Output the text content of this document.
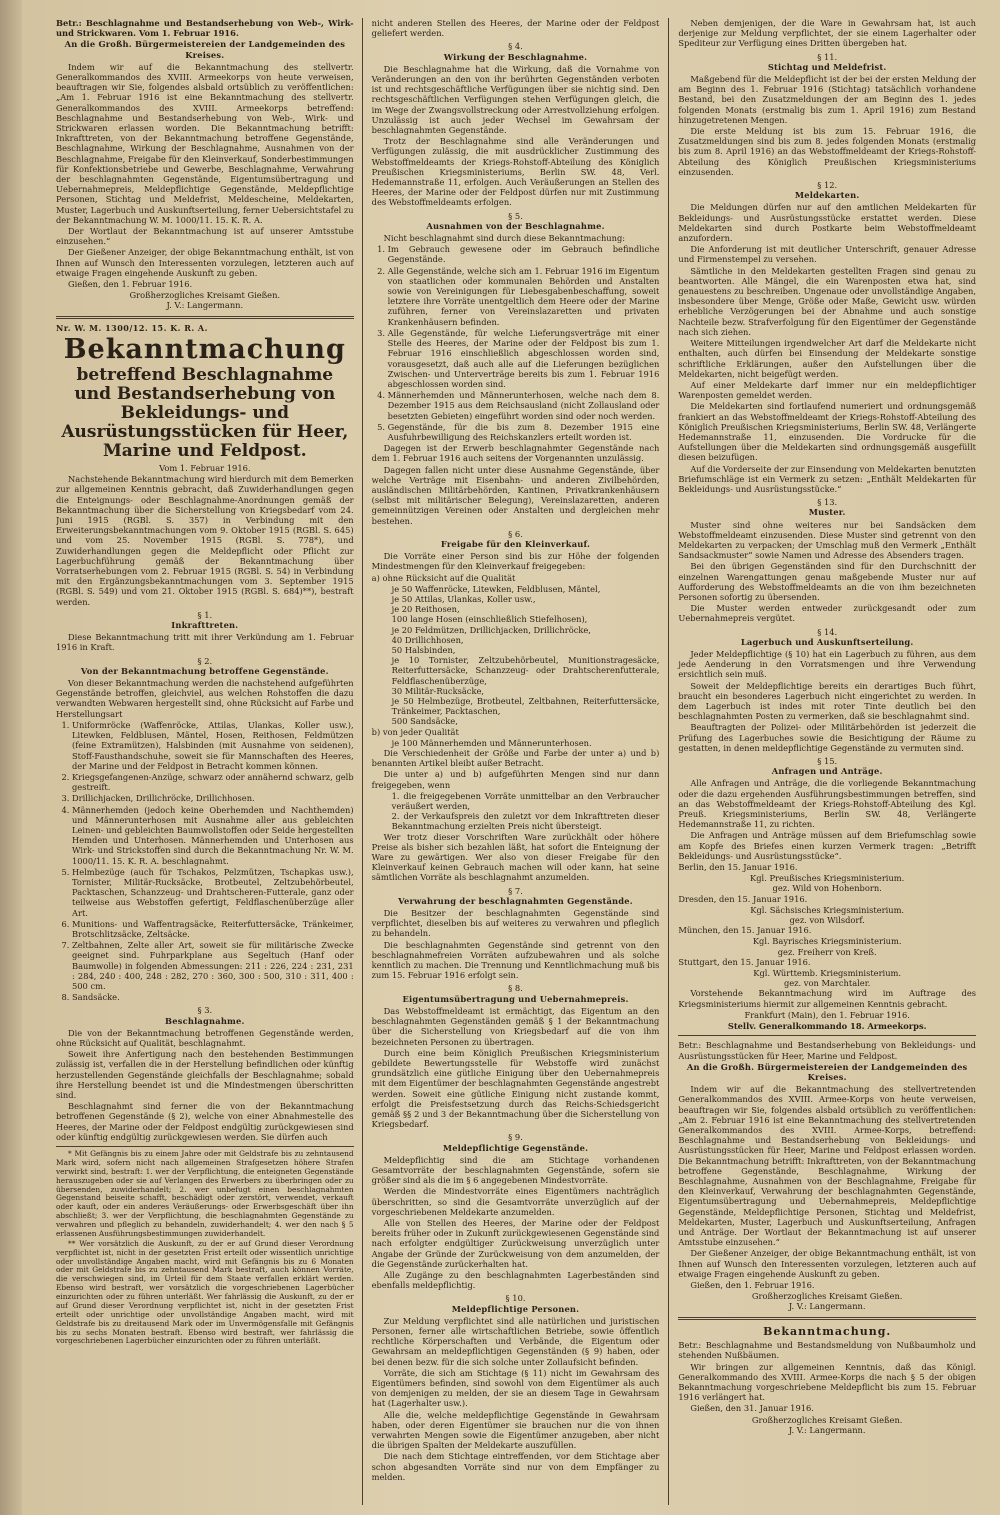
Betr.: Beschlagnahme und Bestandserhebung von Web-, Wirk- und Strickwaren. Vom 1. Februar 1916.

An die Großh. Bürgermeistereien der Landgemeinden des Kreises.

Indem wir auf die Bekanntmachung des stellvertr. Generalkommandos des XVIII. Armeekorps von heute verweisen, beauftragen wir Sie, folgendes alsbald ortsüblich zu veröffentlichen: „Am 1. Februar 1916 ist eine Bekanntmachung des stellvertr. Generalkommandos des XVIII. Armeekorps betreffend: Beschlagnahme und Bestandserhebung von Web-, Wirk- und Strickwaren erlassen worden. Die Bekanntmachung betrifft: Inkrafttreten, von der Bekanntmachung betroffene Gegenstände, Beschlagnahme, Wirkung der Beschlagnahme, Ausnahmen von der Beschlagnahme, Freigabe für den Kleinverkauf, Sonderbestimmungen für Konfektionsbetriebe und Gewerbe, Beschlagnahme, Verwahrung der beschlagnahmten Gegenstände, Eigentumsübertragung und Uebernahmepreis, Meldepflichtige Gegenstände, Meldepflichtige Personen, Stichtag und Meldefrist, Meldescheine, Meldekarten, Muster, Lagerbuch und Auskunftserteilung, ferner Uebersichtstafel zu der Bekanntmachung W. M. 1000/11. 15. K. R. A.

Der Wortlaut der Bekanntmachung ist auf unserer Amtsstube einzusehen.“

Der Gießener Anzeiger, der obige Bekanntmachung enthält, ist von Ihnen auf Wunsch den Interessenten vorzulegen, letzteren auch auf etwaige Fragen eingehende Auskunft zu geben.

Gießen, den 1. Februar 1916.

Großherzogliches Kreisamt Gießen.

J. V.: Langermann.

Nr. W. M. 1300/12. 15. K. R. A.

Bekanntmachung

betreffend Beschlagnahme und Bestandserhebung von Bekleidungs- und Ausrüstungsstücken für Heer, Marine und Feldpost.

Vom 1. Februar 1916.

Nachstehende Bekanntmachung wird hierdurch mit dem Bemerken zur allgemeinen Kenntnis gebracht, daß Zuwiderhandlungen gegen die Enteignungs- oder Beschlagnahme-Anordnungen gemäß der Bekanntmachung über die Sicherstellung von Kriegsbedarf vom 24. Juni 1915 (RGBl. S. 357) in Verbindung mit den Erweiterungsbekanntmachungen vom 9. Oktober 1915 (RGBl. S. 645) und vom 25. November 1915 (RGBl. S. 778*), und Zuwiderhandlungen gegen die Meldepflicht oder Pflicht zur Lagerbuchführung gemäß der Bekanntmachung über Vorratserhebungen vom 2. Februar 1915 (RGBl. S. 54) in Verbindung mit den Ergänzungsbekanntmachungen vom 3. September 1915 (RGBl. S. 549) und vom 21. Oktober 1915 (RGBl. S. 684)**), bestraft werden.

§ 1.

Inkrafttreten.

Diese Bekanntmachung tritt mit ihrer Verkündung am 1. Februar 1916 in Kraft.

§ 2.

Von der Bekanntmachung betroffene Gegenstände.

Von dieser Bekanntmachung werden die nachstehend aufgeführten Gegenstände betroffen, gleichviel, aus welchen Rohstoffen die dazu verwandten Webwaren hergestellt sind, ohne Rücksicht auf Farbe und Herstellungsart

1. Uniformröcke (Waffenröcke, Attilas, Ulankas, Koller usw.), Litewken, Feldblusen, Mäntel, Hosen, Reithosen, Feldmützen (feine Extramützen), Halsbinden (mit Ausnahme von seidenen), Stoff-Fausthandschuhe, soweit sie für Mannschaften des Heeres, der Marine und der Feldpost in Betracht kommen können.
2. Kriegsgefangenen-Anzüge, schwarz oder annähernd schwarz, gelb gestreift.
3. Drillichjacken, Drillichröcke, Drillichhosen.
4. Männerhemden (jedoch keine Oberhemden und Nachthemden) und Männerunterhosen mit Ausnahme aller aus gebleichten Leinen- und gebleichten Baumwollstoffen oder Seide hergestellten Hemden und Unterhosen. Männerhemden und Unterhosen aus Wirk- und Strickstoffen sind durch die Bekanntmachung Nr. W. M. 1000/11. 15. K. R. A. beschlagnahmt.
5. Helmbezüge (auch für Tschakos, Pelzmützen, Tschapkas usw.), Tornister, Militär-Rucksäcke, Brotbeutel, Zeltzubehörbeutel, Packtaschen, Schanzzeug- und Drahtscheren-Futterale, ganz oder teilweise aus Webstoffen gefertigt, Feldflaschenüberzüge aller Art.
6. Munitions- und Waffentragsäcke, Reiterfuttersäcke, Tränkeimer, Brotschlitzsäcke, Zeltsäcke.
7. Zeltbahnen, Zelte aller Art, soweit sie für militärische Zwecke geeignet sind. Fuhrparkplane aus Segeltuch (Hanf oder Baumwolle) in folgenden Abmessungen: 211 : 226, 224 : 231, 231 : 284, 240 : 400, 248 : 282, 270 : 360, 300 : 500, 310 : 311, 400 : 500 cm.
8. Sandsäcke.

§ 3.

Beschlagnahme.

Die von der Bekanntmachung betroffenen Gegenstände werden, ohne Rücksicht auf Qualität, beschlagnahmt.

Soweit ihre Anfertigung nach den bestehenden Bestimmungen zulässig ist, verfallen die in der Herstellung befindlichen oder künftig herzustellenden Gegenstände gleichfalls der Beschlagnahme; sobald ihre Herstellung beendet ist und die Mindestmengen überschritten sind.

Beschlagnahmt sind ferner die von der Bekanntmachung betroffenen Gegenstände (§ 2), welche von einer Abnahmestelle des Heeres, der Marine oder der Feldpost endgültig zurückgewiesen sind oder künftig endgültig zurückgewiesen werden. Sie dürfen auch

* Mit Gefängnis bis zu einem Jahre oder mit Geldstrafe bis zu zehntausend Mark wird, sofern nicht nach allgemeinen Strafgesetzen höhere Strafen verwirkt sind, bestraft: 1. wer der Verpflichtung, die enteigneten Gegenstände herauszugeben oder sie auf Verlangen des Erwerbers zu überbringen oder zu übersenden, zuwiderhandelt; 2. wer unbefugt einen beschlagnahmten Gegenstand beiseite schafft, beschädigt oder zerstört, verwendet, verkauft oder kauft, oder ein anderes Veräußerungs- oder Erwerbsgeschäft über ihn abschließt; 3. wer der Verpflichtung, die beschlagnahmten Gegenstände zu verwahren und pfleglich zu behandeln, zuwiderhandelt; 4. wer den nach § 5 erlassenen Ausführungsbestimmungen zuwiderhandelt.

** Wer vorsätzlich die Auskunft, zu der er auf Grund dieser Verordnung verpflichtet ist, nicht in der gesetzten Frist erteilt oder wissentlich unrichtige oder unvollständige Angaben macht, wird mit Gefängnis bis zu 6 Monaten oder mit Geldstrafe bis zu zehntausend Mark bestraft, auch können Vorräte, die verschwiegen sind, im Urteil für dem Staate verfallen erklärt werden. Ebenso wird bestraft, wer vorsätzlich die vorgeschriebenen Lagerbücher einzurichten oder zu führen unterläßt. Wer fahrlässig die Auskunft, zu der er auf Grund dieser Verordnung verpflichtet ist, nicht in der gesetzten Frist erteilt oder unrichtige oder unvollständige Angaben macht, wird mit Geldstrafe bis zu dreitausend Mark oder im Unvermögensfalle mit Gefängnis bis zu sechs Monaten bestraft. Ebenso wird bestraft, wer fahrlässig die vorgeschriebenen Lagerbücher einzurichten oder zu führen unterläßt.

nicht anderen Stellen des Heeres, der Marine oder der Feldpost geliefert werden.

§ 4.

Wirkung der Beschlagnahme.

Die Beschlagnahme hat die Wirkung, daß die Vornahme von Veränderungen an den von ihr berührten Gegenständen verboten ist und rechtsgeschäftliche Verfügungen über sie nichtig sind. Den rechtsgeschäftlichen Verfügungen stehen Verfügungen gleich, die im Wege der Zwangsvollstreckung oder Arrestvollziehung erfolgen. Unzulässig ist auch jeder Wechsel im Gewahrsam der beschlagnahmten Gegenstände.

Trotz der Beschlagnahme sind alle Veränderungen und Verfügungen zulässig, die mit ausdrücklicher Zustimmung des Webstoffmeldeamts der Kriegs-Rohstoff-Abteilung des Königlich Preußischen Kriegsministeriums, Berlin SW. 48, Verl. Hedemannstraße 11, erfolgen. Auch Veräußerungen an Stellen des Heeres, der Marine oder der Feldpost dürfen nur mit Zustimmung des Webstoffmeldeamts erfolgen.

§ 5.

Ausnahmen von der Beschlagnahme.

Nicht beschlagnahmt sind durch diese Bekanntmachung:

1. Im Gebrauch gewesene oder im Gebrauch befindliche Gegenstände.
2. Alle Gegenstände, welche sich am 1. Februar 1916 im Eigentum von staatlichen oder kommunalen Behörden und Anstalten sowie von Vereinigungen für Liebesgabenbeschaffung, soweit letztere ihre Vorräte unentgeltlich dem Heere oder der Marine zuführen, ferner von Vereinslazaretten und privaten Krankenhäusern befinden.
3. Alle Gegenstände, für welche Lieferungsverträge mit einer Stelle des Heeres, der Marine oder der Feldpost bis zum 1. Februar 1916 einschließlich abgeschlossen worden sind, vorausgesetzt, daß auch alle auf die Lieferungen bezüglichen Zwischen- und Unterverträge bereits bis zum 1. Februar 1916 abgeschlossen worden sind.
4. Männerhemden und Männerunterhosen, welche nach dem 8. Dezember 1915 aus dem Reichsausland (nicht Zollausland oder besetzten Gebieten) eingeführt worden sind oder noch werden.
5. Gegenstände, für die bis zum 8. Dezember 1915 eine Ausfuhrbewilligung des Reichskanzlers erteilt worden ist.

Dagegen ist der Erwerb beschlagnahmter Gegenstände nach dem 1. Februar 1916 auch seitens der Vorgenannten unzulässig.

Dagegen fallen nicht unter diese Ausnahme Gegenstände, über welche Verträge mit Eisenbahn- und anderen Zivilbehörden, ausländischen Militärbehörden, Kantinen, Privatkrankenhäusern (selbst mit militärischer Belegung), Vereinslazaretten, anderen gemeinnützigen Vereinen oder Anstalten und dergleichen mehr bestehen.

§ 6.

Freigabe für den Kleinverkauf.

Die Vorräte einer Person sind bis zur Höhe der folgenden Mindestmengen für den Kleinverkauf freigegeben:

a) ohne Rücksicht auf die Qualität

je 50 Waffenröcke, Litewken, Feldblusen, Mäntel,
je 50 Attilas, Ulankas, Koller usw.,
je 20 Reithosen,
100 lange Hosen (einschließlich Stiefelhosen),
je 20 Feldmützen, Drillichjacken, Drillichröcke,
40 Drillichhosen,
50 Halsbinden,
je 10 Tornister, Zeltzubehörbeutel, Munitionstragesäcke, Reiterfuttersäcke, Schanzzeug- oder Drahtscherenfutterale, Feldflaschenüberzüge,
30 Militär-Rucksäcke,
je 50 Helmbezüge, Brotbeutel, Zeltbahnen, Reiterfuttersäcke, Tränkeimer, Packtaschen,
500 Sandsäcke,

b) von jeder Qualität

je 100 Männerhemden und Männerunterhosen.

Die Verschiedenheit der Größe und Farbe der unter a) und b) benannten Artikel bleibt außer Betracht.

Die unter a) und b) aufgeführten Mengen sind nur dann freigegeben, wenn

1. die freigegebenen Vorräte unmittelbar an den Verbraucher veräußert werden,
2. der Verkaufspreis den zuletzt vor dem Inkrafttreten dieser Bekanntmachung erzielten Preis nicht übersteigt.

Wer trotz dieser Vorschriften Ware zurückhält oder höhere Preise als bisher sich bezahlen läßt, hat sofort die Enteignung der Ware zu gewärtigen. Wer also von dieser Freigabe für den Kleinverkauf keinen Gebrauch machen will oder kann, hat seine sämtlichen Vorräte als beschlagnahmt anzumelden.

§ 7.

Verwahrung der beschlagnahmten Gegenstände.

Die Besitzer der beschlagnahmten Gegenstände sind verpflichtet, dieselben bis auf weiteres zu verwahren und pfleglich zu behandeln.

Die beschlagnahmten Gegenstände sind getrennt von den beschlagnahmefreien Vorräten aufzubewahren und als solche kenntlich zu machen. Die Trennung und Kenntlichmachung muß bis zum 15. Februar 1916 erfolgt sein.

§ 8.

Eigentumsübertragung und Uebernahmepreis.

Das Webstoffmeldeamt ist ermächtigt, das Eigentum an den beschlagnahmten Gegenständen gemäß § 1 der Bekanntmachung über die Sicherstellung von Kriegsbedarf auf die von ihm bezeichneten Personen zu übertragen.

Durch eine beim Königlich Preußischen Kriegsministerium gebildete Bewertungsstelle für Webstoffe wird zunächst grundsätzlich eine gütliche Einigung über den Uebernahmepreis mit dem Eigentümer der beschlagnahmten Gegenstände angestrebt werden. Soweit eine gütliche Einigung nicht zustande kommt, erfolgt die Preisfestsetzung durch das Reichs-Schiedsgericht gemäß §§ 2 und 3 der Bekanntmachung über die Sicherstellung von Kriegsbedarf.

§ 9.

Meldepflichtige Gegenstände.

Meldepflichtig sind die am Stichtage vorhandenen Gesamtvorräte der beschlagnahmten Gegenstände, sofern sie größer sind als die im § 6 angegebenen Mindestvorräte.

Werden die Mindestvorräte eines Eigentümers nachträglich überschritten, so sind die Gesamtvorräte unverzüglich auf der vorgeschriebenen Meldekarte anzumelden.

Alle von Stellen des Heeres, der Marine oder der Feldpost bereits früher oder in Zukunft zurückgewiesenen Gegenstände sind nach erfolgter endgültiger Zurückweisung unverzüglich unter Angabe der Gründe der Zurückweisung von dem anzumelden, der die Gegenstände zurückerhalten hat.

Alle Zugänge zu den beschlagnahmten Lagerbeständen sind ebenfalls meldepflichtig.

§ 10.

Meldepflichtige Personen.

Zur Meldung verpflichtet sind alle natürlichen und juristischen Personen, ferner alle wirtschaftlichen Betriebe, sowie öffentlich rechtliche Körperschaften und Verbände, die Eigentum oder Gewahrsam an meldepflichtigen Gegenständen (§ 9) haben, oder bei denen bezw. für die sich solche unter Zollaufsicht befinden.

Vorräte, die sich am Stichtage (§ 11) nicht im Gewahrsam des Eigentümers befinden, sind sowohl von dem Eigentümer als auch von demjenigen zu melden, der sie an diesem Tage in Gewahrsam hat (Lagerhalter usw.).

Alle die, welche meldepflichtige Gegenstände in Gewahrsam haben, oder deren Eigentümer sie brauchen nur die von ihnen verwahrten Mengen sowie die Eigentümer anzugeben, aber nicht die übrigen Spalten der Meldekarte auszufüllen.

Die nach dem Stichtage eintreffenden, vor dem Stichtage aber schon abgesandten Vorräte sind nur von dem Empfänger zu melden.

Neben demjenigen, der die Ware in Gewahrsam hat, ist auch derjenige zur Meldung verpflichtet, der sie einem Lagerhalter oder Spediteur zur Verfügung eines Dritten übergeben hat.

§ 11.

Stichtag und Meldefrist.

Maßgebend für die Meldepflicht ist der bei der ersten Meldung der am Beginn des 1. Februar 1916 (Stichtag) tatsächlich vorhandene Bestand, bei den Zusatzmeldungen der am Beginn des 1. jedes folgenden Monats (erstmalig bis zum 1. April 1916) zum Bestand hinzugetretenen Mengen.

Die erste Meldung ist bis zum 15. Februar 1916, die Zusatzmeldungen sind bis zum 8. jedes folgenden Monats (erstmalig bis zum 8. April 1916) an das Webstoffmeldeamt der Kriegs-Rohstoff-Abteilung des Königlich Preußischen Kriegsministeriums einzusenden.

§ 12.

Meldekarten.

Die Meldungen dürfen nur auf den amtlichen Meldekarten für Bekleidungs- und Ausrüstungsstücke erstattet werden. Diese Meldekarten sind durch Postkarte beim Webstoffmeldeamt anzufordern.

Die Anforderung ist mit deutlicher Unterschrift, genauer Adresse und Firmenstempel zu versehen.

Sämtliche in den Meldekarten gestellten Fragen sind genau zu beantworten. Alle Mängel, die ein Warenposten etwa hat, sind genauestens zu beschreiben. Ungenaue oder unvollständige Angaben, insbesondere über Menge, Größe oder Maße, Gewicht usw. würden erhebliche Verzögerungen bei der Abnahme und auch sonstige Nachteile bezw. Strafverfolgung für den Eigentümer der Gegenstände nach sich ziehen.

Weitere Mitteilungen irgendwelcher Art darf die Meldekarte nicht enthalten, auch dürfen bei Einsendung der Meldekarte sonstige schriftliche Erklärungen, außer den Aufstellungen über die Meldekarten, nicht beigefügt werden.

Auf einer Meldekarte darf immer nur ein meldepflichtiger Warenposten gemeldet werden.

Die Meldekarten sind fortlaufend numeriert und ordnungsgemäß frankiert an das Webstoffmeldeamt der Kriegs-Rohstoff-Abteilung des Königlich Preußischen Kriegsministeriums, Berlin SW. 48, Verlängerte Hedemannstraße 11, einzusenden. Die Vordrucke für die Aufstellungen über die Meldekarten sind ordnungsgemäß ausgefüllt diesen beizufügen.

Auf die Vorderseite der zur Einsendung von Meldekarten benutzten Briefumschläge ist ein Vermerk zu setzen: „Enthält Meldekarten für Bekleidungs- und Ausrüstungsstücke.“

§ 13.

Muster.

Muster sind ohne weiteres nur bei Sandsäcken dem Webstoffmeldeamt einzusenden. Diese Muster sind getrennt von den Meldekarten zu verpacken; der Umschlag muß den Vermerk „Enthält Sandsackmuster“ sowie Namen und Adresse des Absenders tragen.

Bei den übrigen Gegenständen sind für den Durchschnitt der einzelnen Warengattungen genau maßgebende Muster nur auf Aufforderung des Webstoffmeldeamts an die von ihm bezeichneten Personen sofortig zu übersenden.

Die Muster werden entweder zurückgesandt oder zum Uebernahmepreis vergütet.

§ 14.

Lagerbuch und Auskunftserteilung.

Jeder Meldepflichtige (§ 10) hat ein Lagerbuch zu führen, aus dem jede Aenderung in den Vorratsmengen und ihre Verwendung ersichtlich sein muß.

Soweit der Meldepflichtige bereits ein derartiges Buch führt, braucht ein besonderes Lagerbuch nicht eingerichtet zu werden. In dem Lagerbuch ist indes mit roter Tinte deutlich bei den beschlagnahmten Posten zu vermerken, daß sie beschlagnahmt sind.

Beauftragten der Polizei- oder Militärbehörden ist jederzeit die Prüfung des Lagerbuches sowie die Besichtigung der Räume zu gestatten, in denen meldepflichtige Gegenstände zu vermuten sind.

§ 15.

Anfragen und Anträge.

Alle Anfragen und Anträge, die die vorliegende Bekanntmachung oder die dazu ergehenden Ausführungsbestimmungen betreffen, sind an das Webstoffmeldeamt der Kriegs-Rohstoff-Abteilung des Kgl. Preuß. Kriegsministeriums, Berlin SW. 48, Verlängerte Hedemannstraße 11, zu richten.

Die Anfragen und Anträge müssen auf dem Briefumschlag sowie am Kopfe des Briefes einen kurzen Vermerk tragen: „Betrifft Bekleidungs- und Ausrüstungsstücke“.

Berlin, den 15. Januar 1916.

Kgl. Preußisches Kriegsministerium.

gez. Wild von Hohenborn.

Dresden, den 15. Januar 1916.

Kgl. Sächsisches Kriegsministerium.

gez. von Wilsdorf.

München, den 15. Januar 1916.

Kgl. Bayrisches Kriegsministerium.

gez. Freiherr von Kreß.

Stuttgart, den 15. Januar 1916.

Kgl. Württemb. Kriegsministerium.

gez. von Marchtaler.

Vorstehende Bekanntmachung wird im Auftrage des Kriegsministeriums hiermit zur allgemeinen Kenntnis gebracht.

Frankfurt (Main), den 1. Februar 1916.

Stellv. Generalkommando 18. Armeekorps.

Betr.: Beschlagnahme und Bestandserhebung von Bekleidungs- und Ausrüstungsstücken für Heer, Marine und Feldpost.

An die Großh. Bürgermeistereien der Landgemeinden des Kreises.

Indem wir auf die Bekanntmachung des stellvertretenden Generalkommandos des XVIII. Armee-Korps von heute verweisen, beauftragen wir Sie, folgendes alsbald ortsüblich zu veröffentlichen: „Am 2. Februar 1916 ist eine Bekanntmachung des stellvertretenden Generalkommandos des XVIII. Armee-Korps, betreffend: Beschlagnahme und Bestandserhebung von Bekleidungs- und Ausrüstungsstücken für Heer, Marine und Feldpost erlassen worden. Die Bekanntmachung betrifft: Inkrafttreten, von der Bekanntmachung betroffene Gegenstände, Beschlagnahme, Wirkung der Beschlagnahme, Ausnahmen von der Beschlagnahme, Freigabe für den Kleinverkauf, Verwahrung der beschlagnahmten Gegenstände, Eigentumsübertragung und Uebernahmepreis, Meldepflichtige Gegenstände, Meldepflichtige Personen, Stichtag und Meldefrist, Meldekarten, Muster, Lagerbuch und Auskunftserteilung, Anfragen und Anträge. Der Wortlaut der Bekanntmachung ist auf unserer Amtsstube einzusehen.“

Der Gießener Anzeiger, der obige Bekanntmachung enthält, ist von Ihnen auf Wunsch den Interessenten vorzulegen, letzteren auch auf etwaige Fragen eingehende Auskunft zu geben.

Gießen, den 1. Februar 1916.

Großherzogliches Kreisamt Gießen.

J. V.: Langermann.

Bekanntmachung.

Betr.: Beschlagnahme und Bestandsmeldung von Nußbaumholz und stehenden Nußbäumen.

Wir bringen zur allgemeinen Kenntnis, daß das Königl. Generalkommando des XVIII. Armee-Korps die nach § 5 der obigen Bekanntmachung vorgeschriebene Meldepflicht bis zum 15. Februar 1916 verlängert hat.

Gießen, den 31. Januar 1916.

Großherzogliches Kreisamt Gießen.

J. V.: Langermann.
